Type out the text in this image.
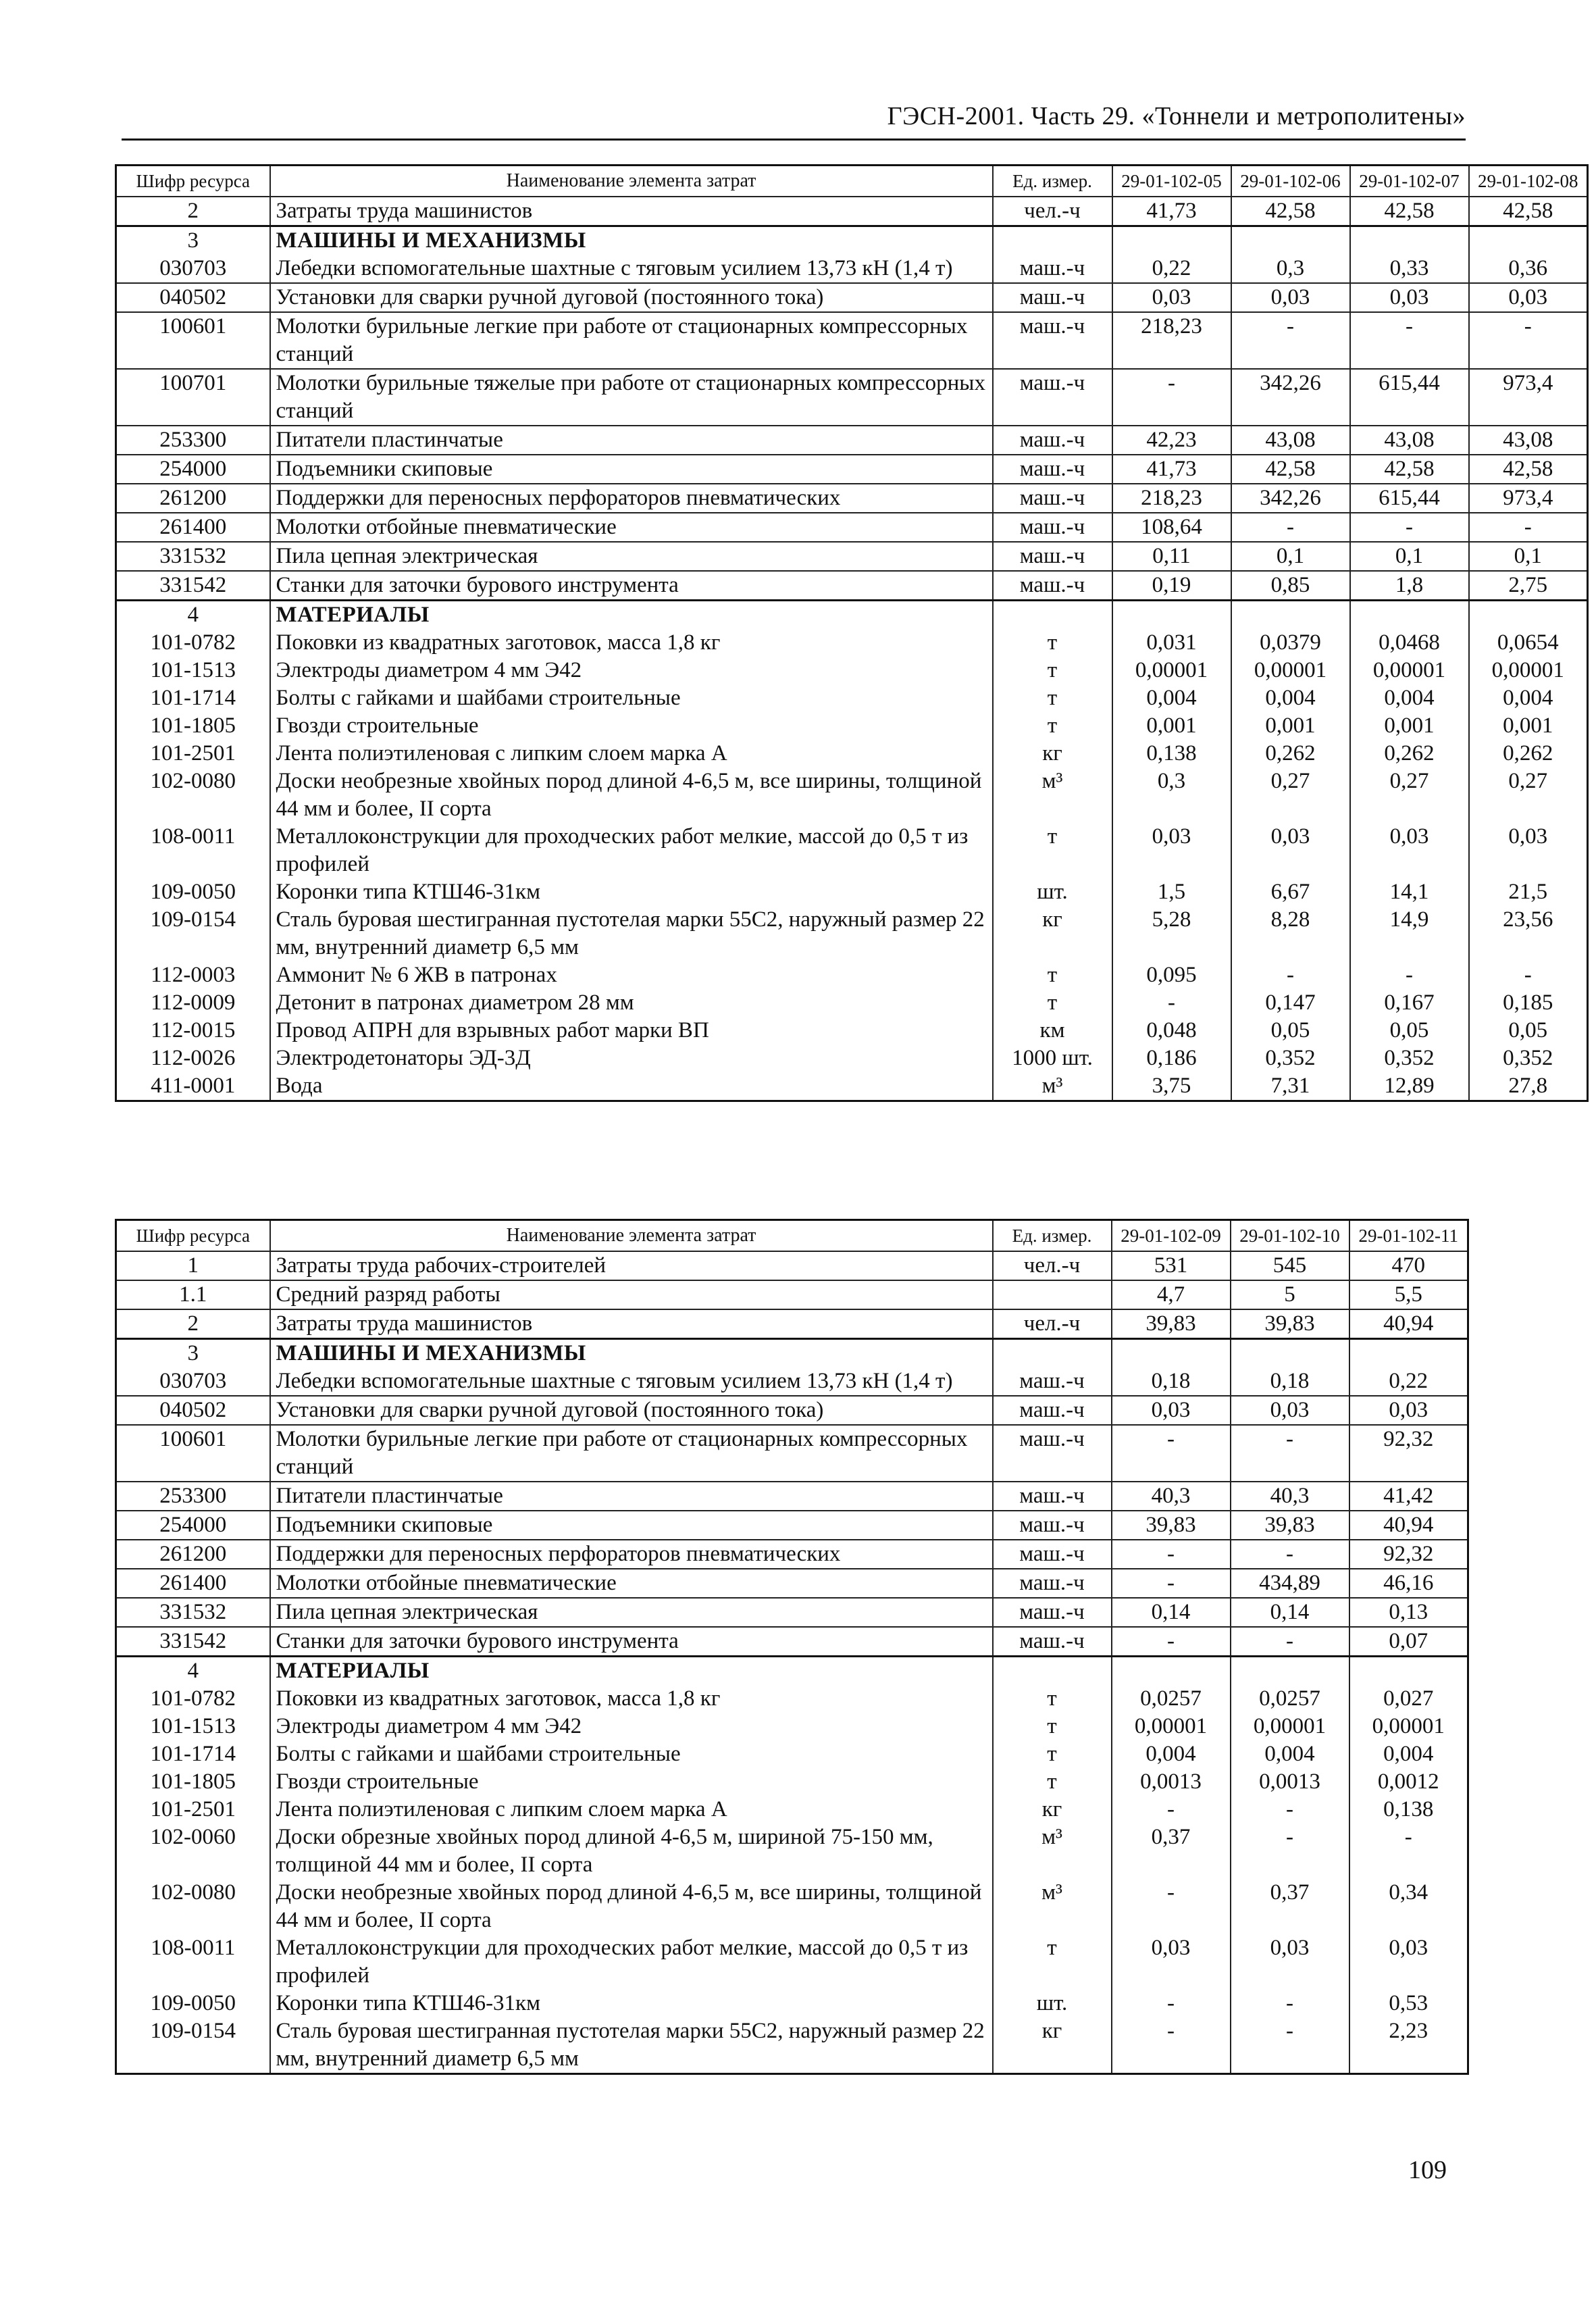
ГЭСН-2001. Часть 29. «Тоннели и метрополитены»
Шифр ресурса	Наименование элемента затрат	Ед. измер.	29-01-102-05	29-01-102-06	29-01-102-07	29-01-102-08
2	Затраты труда машинистов	чел.-ч	41,73	42,58	42,58	42,58
3	МАШИНЫ И МЕХАНИЗМЫ					
030703	Лебедки вспомогательные шахтные с тяговым усилием 13,73 кН (1,4 т)	маш.-ч	0,22	0,3	0,33	0,36
040502	Установки для сварки ручной дуговой (постоянного тока)	маш.-ч	0,03	0,03	0,03	0,03
100601	Молотки бурильные легкие при работе от стационарных компрессорных станций	маш.-ч	218,23	-	-	-
100701	Молотки бурильные тяжелые при работе от стационарных компрессорных станций	маш.-ч	-	342,26	615,44	973,4
253300	Питатели пластинчатые	маш.-ч	42,23	43,08	43,08	43,08
254000	Подъемники скиповые	маш.-ч	41,73	42,58	42,58	42,58
261200	Поддержки для переносных перфораторов пневматических	маш.-ч	218,23	342,26	615,44	973,4
261400	Молотки отбойные пневматические	маш.-ч	108,64	-	-	-
331532	Пила цепная электрическая	маш.-ч	0,11	0,1	0,1	0,1
331542	Станки для заточки бурового инструмента	маш.-ч	0,19	0,85	1,8	2,75
4	МАТЕРИАЛЫ					
101-0782	Поковки из квадратных заготовок, масса 1,8 кг	т	0,031	0,0379	0,0468	0,0654
101-1513	Электроды диаметром 4 мм Э42	т	0,00001	0,00001	0,00001	0,00001
101-1714	Болты с гайками и шайбами строительные	т	0,004	0,004	0,004	0,004
101-1805	Гвозди строительные	т	0,001	0,001	0,001	0,001
101-2501	Лента полиэтиленовая с липким слоем марка А	кг	0,138	0,262	0,262	0,262
102-0080	Доски необрезные хвойных пород длиной 4-6,5 м, все ширины, толщиной 44 мм и более, II сорта	м³	0,3	0,27	0,27	0,27
108-0011	Металлоконструкции для проходческих работ мелкие, массой до 0,5 т из профилей	т	0,03	0,03	0,03	0,03
109-0050	Коронки типа КТШ46-31км	шт.	1,5	6,67	14,1	21,5
109-0154	Сталь буровая шестигранная пустотелая марки 55С2, наружный размер 22 мм, внутренний диаметр 6,5 мм	кг	5,28	8,28	14,9	23,56
112-0003	Аммонит № 6 ЖВ в патронах	т	0,095	-	-	-
112-0009	Детонит в патронах диаметром 28 мм	т	-	0,147	0,167	0,185
112-0015	Провод АПРН для взрывных работ марки ВП	км	0,048	0,05	0,05	0,05
112-0026	Электродетонаторы ЭД-3Д	1000 шт.	0,186	0,352	0,352	0,352
411-0001	Вода	м³	3,75	7,31	12,89	27,8
Шифр ресурса	Наименование элемента затрат	Ед. измер.	29-01-102-09	29-01-102-10	29-01-102-11
1	Затраты труда рабочих-строителей	чел.-ч	531	545	470
1.1	Средний разряд работы		4,7	5	5,5
2	Затраты труда машинистов	чел.-ч	39,83	39,83	40,94
3	МАШИНЫ И МЕХАНИЗМЫ				
030703	Лебедки вспомогательные шахтные с тяговым усилием 13,73 кН (1,4 т)	маш.-ч	0,18	0,18	0,22
040502	Установки для сварки ручной дуговой (постоянного тока)	маш.-ч	0,03	0,03	0,03
100601	Молотки бурильные легкие при работе от стационарных компрессорных станций	маш.-ч	-	-	92,32
253300	Питатели пластинчатые	маш.-ч	40,3	40,3	41,42
254000	Подъемники скиповые	маш.-ч	39,83	39,83	40,94
261200	Поддержки для переносных перфораторов пневматических	маш.-ч	-	-	92,32
261400	Молотки отбойные пневматические	маш.-ч	-	434,89	46,16
331532	Пила цепная электрическая	маш.-ч	0,14	0,14	0,13
331542	Станки для заточки бурового инструмента	маш.-ч	-	-	0,07
4	МАТЕРИАЛЫ				
101-0782	Поковки из квадратных заготовок, масса 1,8 кг	т	0,0257	0,0257	0,027
101-1513	Электроды диаметром 4 мм Э42	т	0,00001	0,00001	0,00001
101-1714	Болты с гайками и шайбами строительные	т	0,004	0,004	0,004
101-1805	Гвозди строительные	т	0,0013	0,0013	0,0012
101-2501	Лента полиэтиленовая с липким слоем марка А	кг	-	-	0,138
102-0060	Доски обрезные хвойных пород длиной 4-6,5 м, шириной 75-150 мм, толщиной 44 мм и более, II сорта	м³	0,37	-	-
102-0080	Доски необрезные хвойных пород длиной 4-6,5 м, все ширины, толщиной 44 мм и более, II сорта	м³	-	0,37	0,34
108-0011	Металлоконструкции для проходческих работ мелкие, массой до 0,5 т из профилей	т	0,03	0,03	0,03
109-0050	Коронки типа КТШ46-31км	шт.	-	-	0,53
109-0154	Сталь буровая шестигранная пустотелая марки 55С2, наружный размер 22 мм, внутренний диаметр 6,5 мм	кг	-	-	2,23
109
